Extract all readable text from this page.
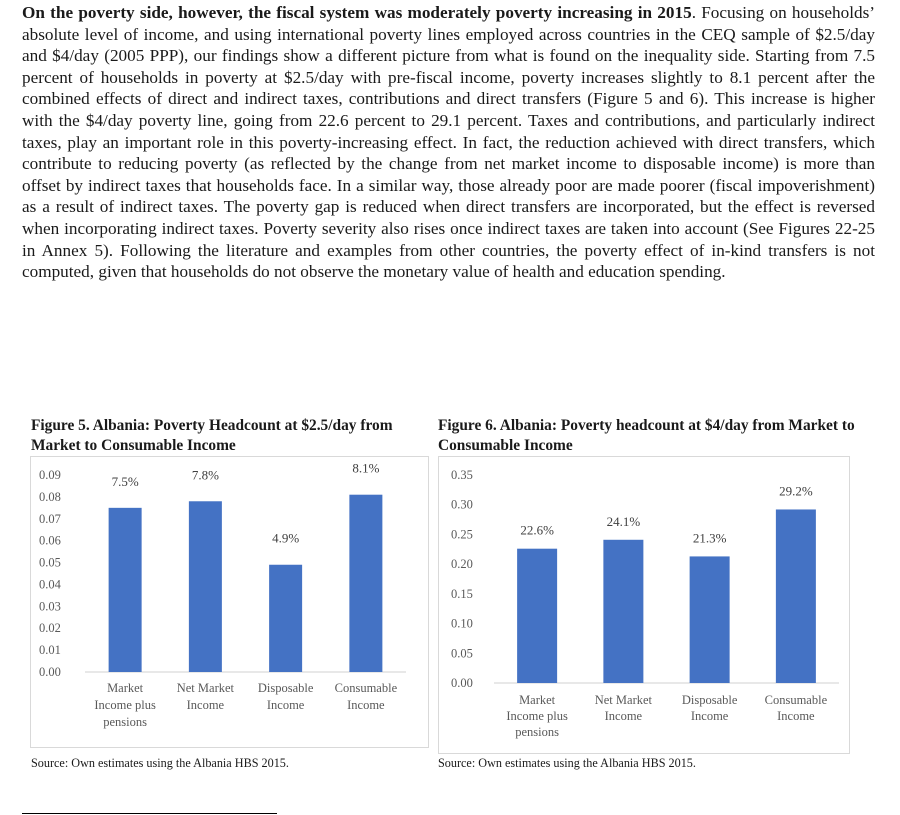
On the poverty side, however, the fiscal system was moderately poverty increasing in 2015. Focusing on households’ absolute level of income, and using international poverty lines employed across countries in the CEQ sample of $2.5/day and $4/day (2005 PPP), our findings show a different picture from what is found on the inequality side. Starting from 7.5 percent of households in poverty at $2.5/day with pre-fiscal income, poverty increases slightly to 8.1 percent after the combined effects of direct and indirect taxes, contributions and direct transfers (Figure 5 and 6). This increase is higher with the $4/day poverty line, going from 22.6 percent to 29.1 percent. Taxes and contributions, and particularly indirect taxes, play an important role in this poverty-increasing effect. In fact, the reduction achieved with direct transfers, which contribute to reducing poverty (as reflected by the change from net market income to disposable income) is more than offset by indirect taxes that households face. In a similar way, those already poor are made poorer (fiscal impoverishment) as a result of indirect taxes. The poverty gap is reduced when direct transfers are incorporated, but the effect is reversed when incorporating indirect taxes. Poverty severity also rises once indirect taxes are taken into account (See Figures 22-25 in Annex 5). Following the literature and examples from other countries, the poverty effect of in-kind transfers is not computed, given that households do not observe the monetary value of health and education spending.
Figure 5. Albania: Poverty Headcount at $2.5/day from Market to Consumable Income
Figure 6. Albania: Poverty headcount at $4/day from Market to Consumable Income
0.00
0.01
0.02
0.03
0.04
0.05
0.06
0.07
0.08
0.09	7.5%
Market
Income plus
pensions
7.8%
Net Market
Income
4.9%
Disposable
Income
8.1%
Consumable
Income
0.00
0.05
0.10
0.15
0.20
0.25
0.30
0.35
22.6%
Market
Income plus
pensions
24.1%
Net Market
Income
21.3%
Disposable
Income
29.2%
Consumable
Income
Source: Own estimates using the Albania HBS 2015.	Source: Own estimates using the Albania HBS 2015.
